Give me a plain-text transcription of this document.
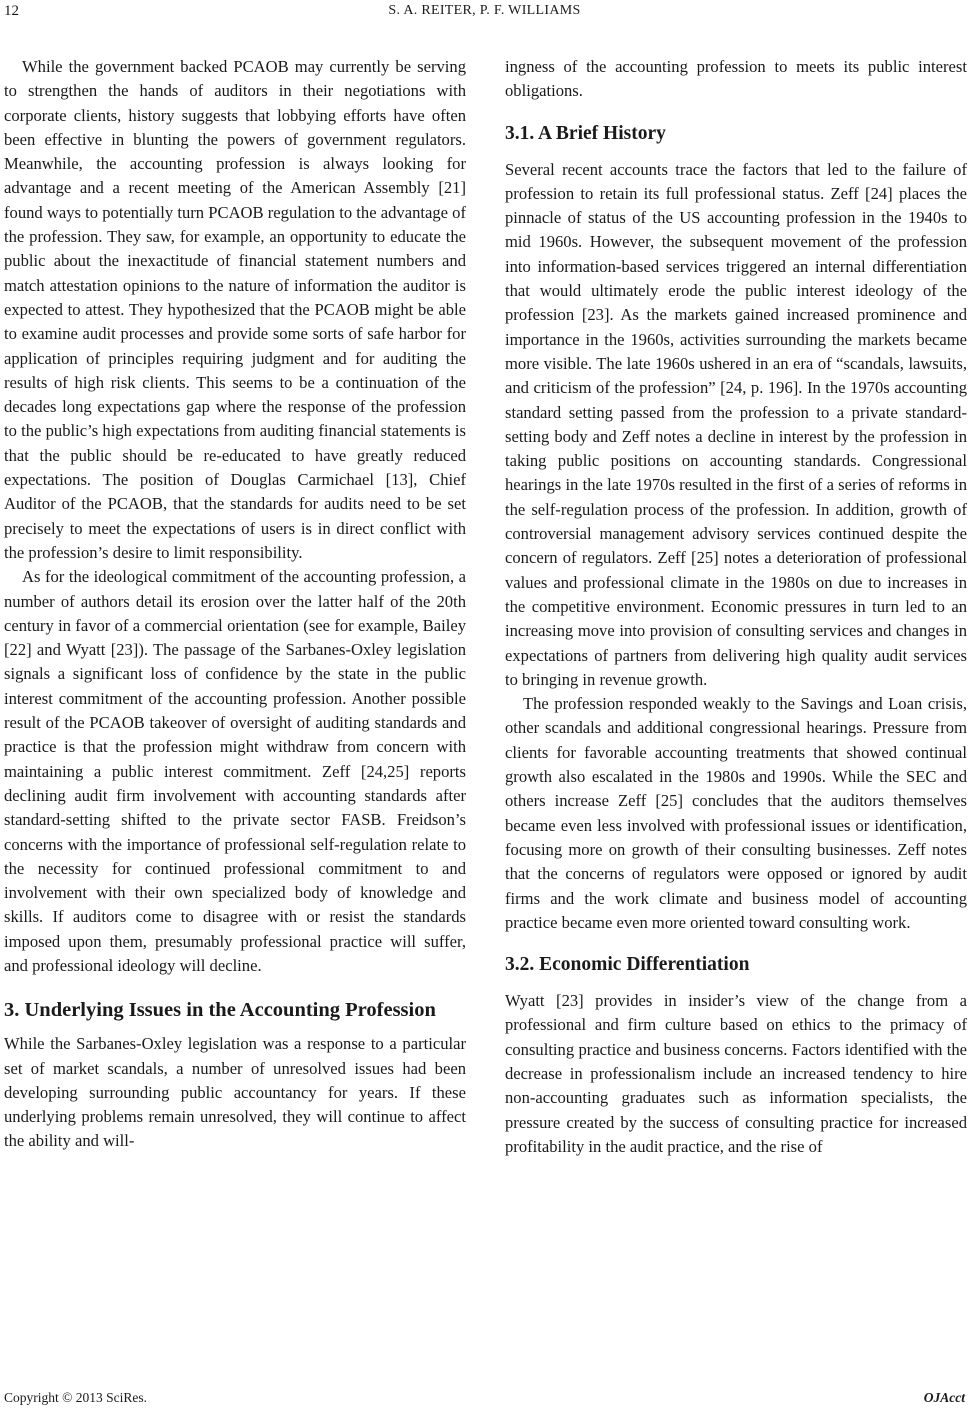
12	S. A. REITER, P. F. WILLIAMS

While the government backed PCAOB may currently be serving to strengthen the hands of auditors in their negotiations with corporate clients, history suggests that lobbying efforts have often been effective in blunting the powers of government regulators. Meanwhile, the accounting profession is always looking for advantage and a recent meeting of the American Assembly [21] found ways to potentially turn PCAOB regulation to the advantage of the profession. They saw, for example, an opportunity to educate the public about the inexactitude of financial statement numbers and match attestation opinions to the nature of information the auditor is expected to attest. They hypothesized that the PCAOB might be able to examine audit processes and provide some sorts of safe harbor for application of principles requiring judgment and for auditing the results of high risk clients. This seems to be a continuation of the decades long expectations gap where the response of the profession to the public’s high expectations from auditing financial statements is that the public should be re-educated to have greatly reduced expectations. The position of Douglas Carmichael [13], Chief Auditor of the PCAOB, that the standards for audits need to be set precisely to meet the expectations of users is in direct conflict with the profession’s desire to limit responsibility.

As for the ideological commitment of the accounting profession, a number of authors detail its erosion over the latter half of the 20th century in favor of a commercial orientation (see for example, Bailey [22] and Wyatt [23]). The passage of the Sarbanes-Oxley legislation signals a significant loss of confidence by the state in the public interest commitment of the accounting profession. Another possible result of the PCAOB takeover of oversight of auditing standards and practice is that the profession might withdraw from concern with maintaining a public interest commitment. Zeff [24,25] reports declining audit firm involvement with accounting standards after standard-setting shifted to the private sector FASB. Freidson’s concerns with the importance of professional self-regulation relate to the necessity for continued professional commitment to and involvement with their own specialized body of knowledge and skills. If auditors come to disagree with or resist the standards imposed upon them, presumably professional practice will suffer, and professional ideology will decline.

3. Underlying Issues in the Accounting Profession

While the Sarbanes-Oxley legislation was a response to a particular set of market scandals, a number of unresolved issues had been developing surrounding public accountancy for years. If these underlying problems remain unresolved, they will continue to affect the ability and will-

ingness of the accounting profession to meets its public interest obligations.

3.1. A Brief History

Several recent accounts trace the factors that led to the failure of profession to retain its full professional status. Zeff [24] places the pinnacle of status of the US accounting profession in the 1940s to mid 1960s. However, the subsequent movement of the profession into information-based services triggered an internal differentiation that would ultimately erode the public interest ideology of the profession [23]. As the markets gained increased prominence and importance in the 1960s, activities surrounding the markets became more visible. The late 1960s ushered in an era of “scandals, lawsuits, and criticism of the profession” [24, p. 196]. In the 1970s accounting standard setting passed from the profession to a private standard-setting body and Zeff notes a decline in interest by the profession in taking public positions on accounting standards. Congressional hearings in the late 1970s resulted in the first of a series of reforms in the self-regulation process of the profession. In addition, growth of controversial management advisory services continued despite the concern of regulators. Zeff [25] notes a deterioration of professional values and professional climate in the 1980s on due to increases in the competitive environment. Economic pressures in turn led to an increasing move into provision of consulting services and changes in expectations of partners from delivering high quality audit services to bringing in revenue growth.

The profession responded weakly to the Savings and Loan crisis, other scandals and additional congressional hearings. Pressure from clients for favorable accounting treatments that showed continual growth also escalated in the 1980s and 1990s. While the SEC and others increase Zeff [25] concludes that the auditors themselves became even less involved with professional issues or identification, focusing more on growth of their consulting businesses. Zeff notes that the concerns of regulators were opposed or ignored by audit firms and the work climate and business model of accounting practice became even more oriented toward consulting work.

3.2. Economic Differentiation

Wyatt [23] provides in insider’s view of the change from a professional and firm culture based on ethics to the primacy of consulting practice and business concerns. Factors identified with the decrease in professionalism include an increased tendency to hire non-accounting graduates such as information specialists, the pressure created by the success of consulting practice for increased profitability in the audit practice, and the rise of

Copyright © 2013 SciRes.	OJAcct
